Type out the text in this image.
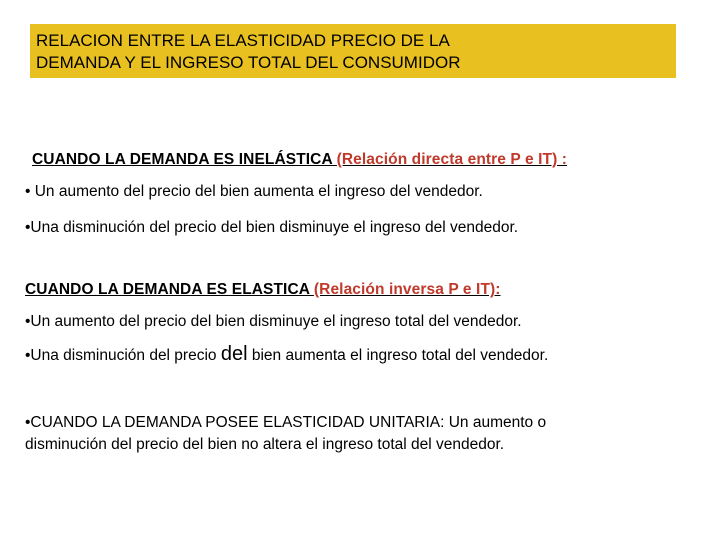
RELACION ENTRE LA ELASTICIDAD PRECIO DE LA
DEMANDA Y EL INGRESO TOTAL DEL CONSUMIDOR
CUANDO LA DEMANDA ES INELÁSTICA (Relación directa entre P e IT) :
• Un aumento del precio del bien aumenta el ingreso del vendedor.
•Una disminución del precio del bien disminuye el ingreso del vendedor.
CUANDO LA DEMANDA ES ELASTICA (Relación inversa P e IT):
•Un aumento del precio del bien disminuye el ingreso total del vendedor.
•Una disminución del precio del bien aumenta el ingreso total del vendedor.
•CUANDO LA DEMANDA POSEE ELASTICIDAD UNITARIA: Un aumento o
disminución del precio del bien no altera el ingreso total del vendedor.
